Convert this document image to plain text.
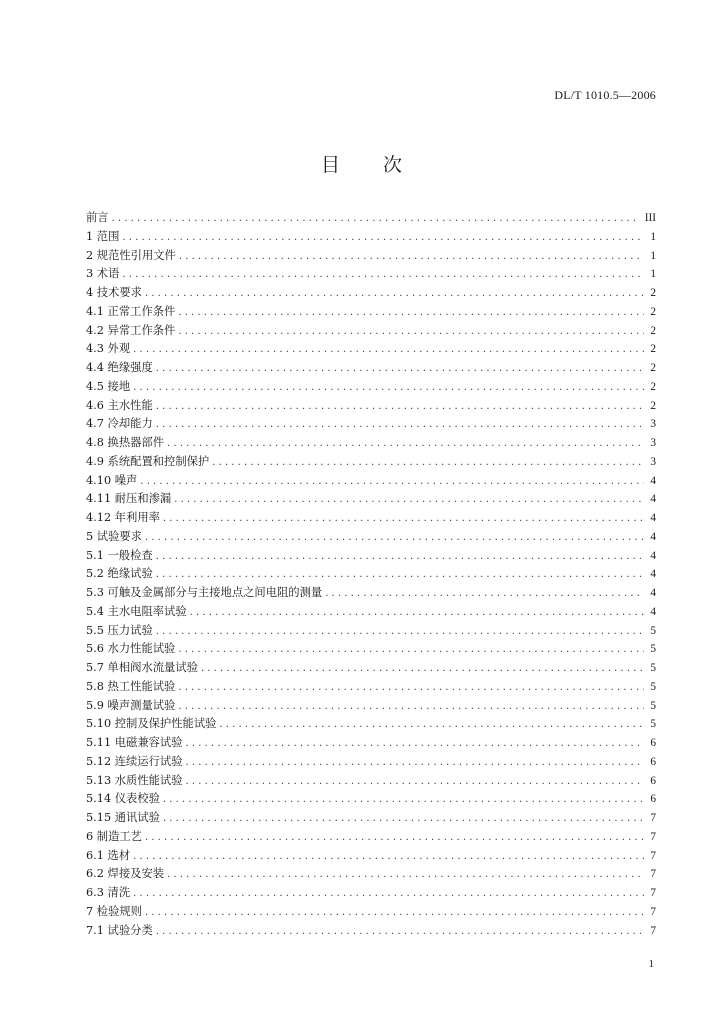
DL/T 1010.5—2006
目 次
前言 . . .	III
1 范围 . . .	1
2 规范性引用文件 . . .	1
3 术语 . . .	1
4 技术要求 . . .	2
4.1 正常工作条件 . . .	2
4.2 异常工作条件 . . .	2
4.3 外观 . . .	2
4.4 绝缘强度 . . .	2
4.5 接地 . . .	2
4.6 主水性能 . . .	2
4.7 冷却能力 . . .	3
4.8 换热器部件 . . .	3
4.9 系统配置和控制保护 . . .	3
4.10 噪声 . . .	4
4.11 耐压和渗漏 . . .	4
4.12 年利用率 . . .	4
5 试验要求 . . .	4
5.1 一般检查 . . .	4
5.2 绝缘试验 . . .	4
5.3 可触及金属部分与主接地点之间电阻的测量 . . .	4
5.4 主水电阻率试验 . . .	4
5.5 压力试验 . . .	5
5.6 水力性能试验 . . .	5
5.7 单相阀水流量试验 . . .	5
5.8 热工性能试验 . . .	5
5.9 噪声测量试验 . . .	5
5.10 控制及保护性能试验 . . .	5
5.11 电磁兼容试验 . . .	6
5.12 连续运行试验 . . .	6
5.13 水质性能试验 . . .	6
5.14 仪表校验 . . .	6
5.15 通讯试验 . . .	7
6 制造工艺 . . .	7
6.1 选材 . . .	7
6.2 焊接及安装 . . .	7
6.3 清洗 . . .	7
7 检验规则 . . .	7
7.1 试验分类 . . .	7
1
